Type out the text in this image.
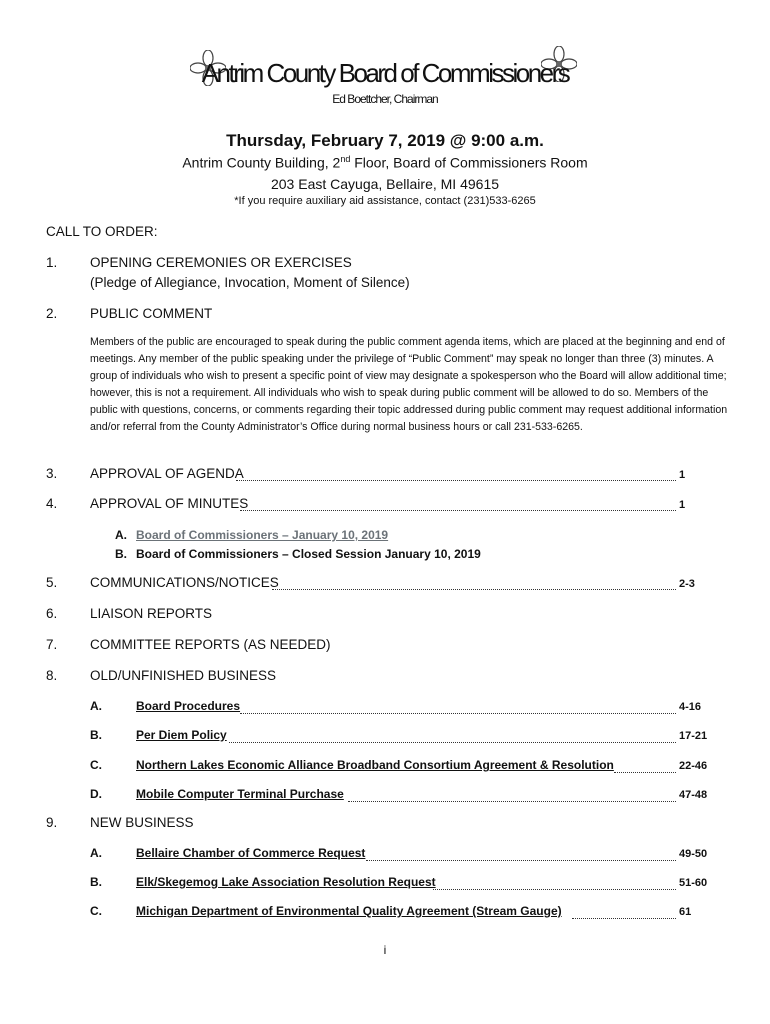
Antrim County Board of Commissioners
Ed Boettcher, Chairman
Thursday, February 7, 2019 @ 9:00 a.m.
Antrim County Building, 2nd Floor, Board of Commissioners Room
203 East Cayuga, Bellaire, MI 49615
*If you require auxiliary aid assistance, contact (231)533-6265
CALL TO ORDER:
1. OPENING CEREMONIES OR EXERCISES
(Pledge of Allegiance, Invocation, Moment of Silence)
2. PUBLIC COMMENT
Members of the public are encouraged to speak during the public comment agenda items, which are placed at the beginning and end of meetings. Any member of the public speaking under the privilege of “Public Comment” may speak no longer than three (3) minutes. A group of individuals who wish to present a specific point of view may designate a spokesperson who the Board will allow additional time; however, this is not a requirement. All individuals who wish to speak during public comment will be allowed to do so. Members of the public with questions, concerns, or comments regarding their topic addressed during public comment may request additional information and/or referral from the County Administrator’s Office during normal business hours or call 231-533-6265.
3. APPROVAL OF AGENDA	1
4. APPROVAL OF MINUTES	1
A. Board of Commissioners – January 10, 2019
B. Board of Commissioners – Closed Session January 10, 2019
5. COMMUNICATIONS/NOTICES	2-3
6. LIAISON REPORTS
7. COMMITTEE REPORTS (AS NEEDED)
8. OLD/UNFINISHED BUSINESS
A.	Board Procedures	4-16
B.	Per Diem Policy	17-21
C.	Northern Lakes Economic Alliance Broadband Consortium Agreement & Resolution	22-46
D.	Mobile Computer Terminal Purchase	47-48
9. NEW BUSINESS
A.	Bellaire Chamber of Commerce Request	49-50
B.	Elk/Skegemog Lake Association Resolution Request	51-60
C.	Michigan Department of Environmental Quality Agreement (Stream Gauge)	61
i
